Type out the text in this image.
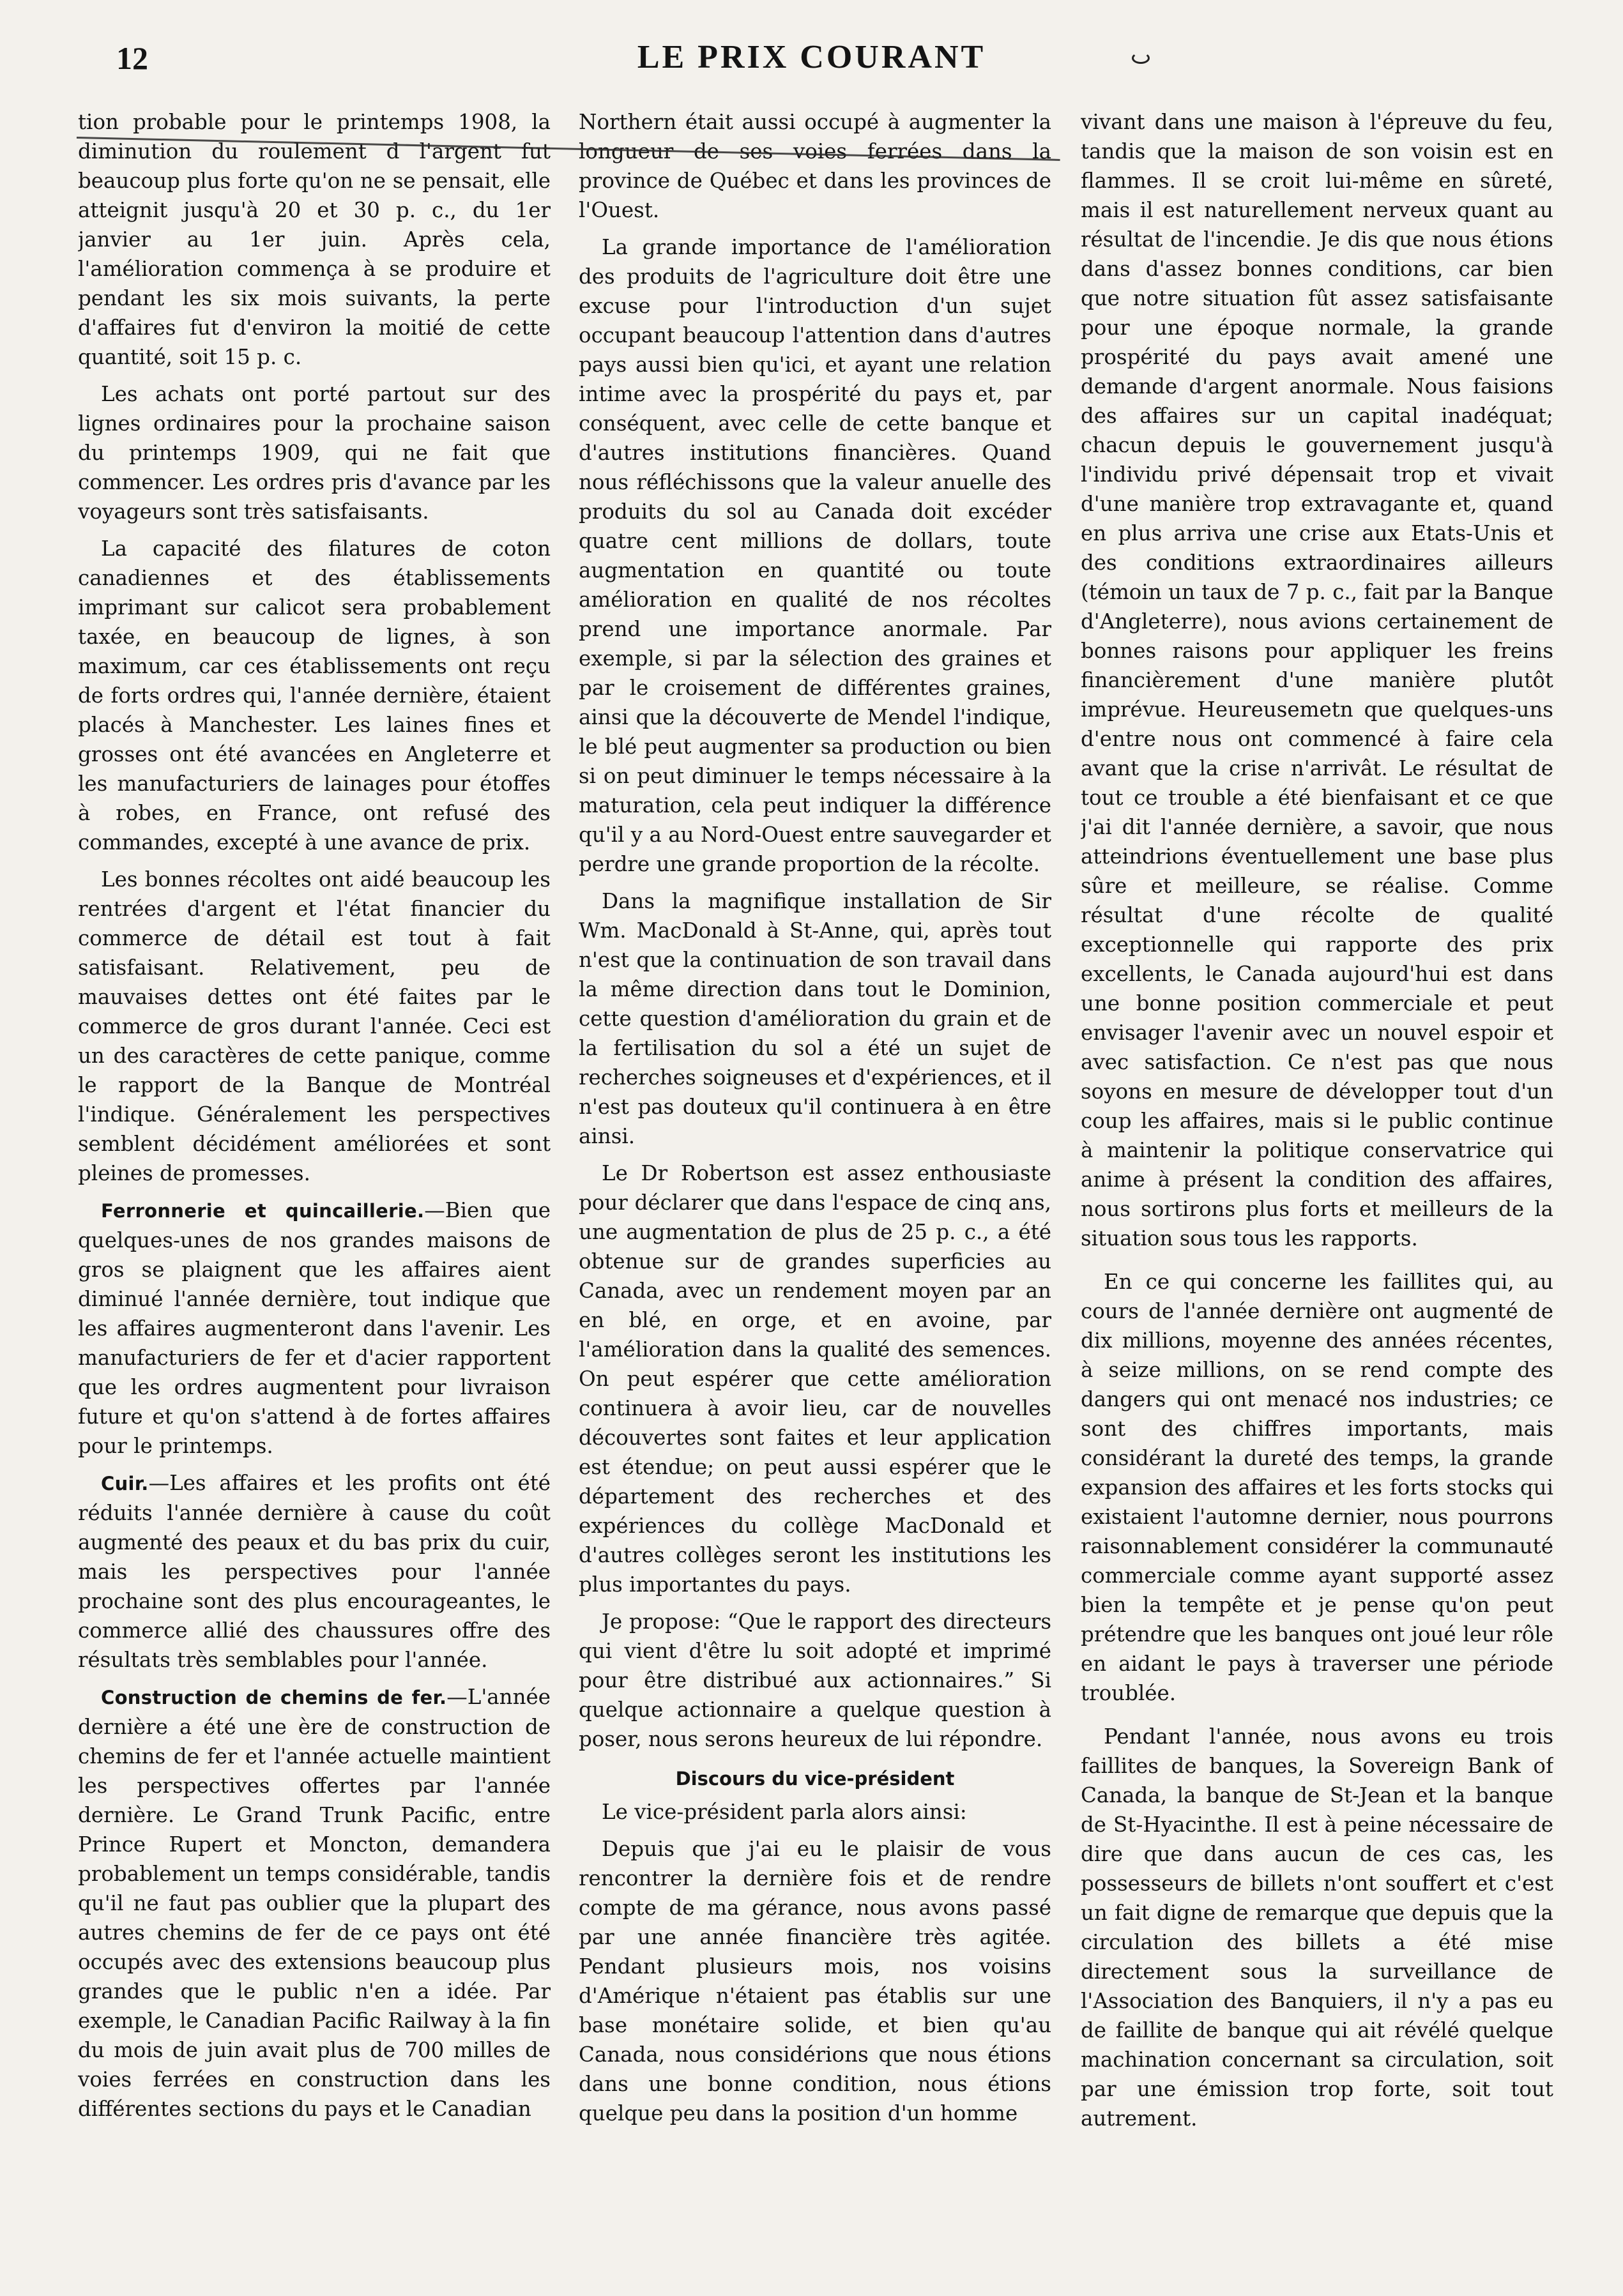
12	LE PRIX COURANT

tion probable pour le printemps 1908, la diminution du roulement d l'argent fut beaucoup plus forte qu'on ne se pensait, elle atteignit jusqu'à 20 et 30 p. c., du 1er janvier au 1er juin. Après cela, l'amélioration commença à se produire et pendant les six mois suivants, la perte d'affaires fut d'environ la moitié de cette quantité, soit 15 p. c.

Les achats ont porté partout sur des lignes ordinaires pour la prochaine saison du printemps 1909, qui ne fait que commencer. Les ordres pris d'avance par les voyageurs sont très satisfaisants.

La capacité des filatures de coton canadiennes et des établissements imprimant sur calicot sera probablement taxée, en beaucoup de lignes, à son maximum, car ces établissements ont reçu de forts ordres qui, l'année dernière, étaient placés à Manchester. Les laines fines et grosses ont été avancées en Angleterre et les manufacturiers de lainages pour étoffes à robes, en France, ont refusé des commandes, excepté à une avance de prix.

Les bonnes récoltes ont aidé beaucoup les rentrées d'argent et l'état financier du commerce de détail est tout à fait satisfaisant. Relativement, peu de mauvaises dettes ont été faites par le commerce de gros durant l'année. Ceci est un des caractères de cette panique, comme le rapport de la Banque de Montréal l'indique. Généralement les perspectives semblent décidément améliorées et sont pleines de promesses.

Ferronnerie et quincaillerie.—Bien que quelques-unes de nos grandes maisons de gros se plaignent que les affaires aient diminué l'année dernière, tout indique que les affaires augmenteront dans l'avenir. Les manufacturiers de fer et d'acier rapportent que les ordres augmentent pour livraison future et qu'on s'attend à de fortes affaires pour le printemps.

Cuir.—Les affaires et les profits ont été réduits l'année dernière à cause du coût augmenté des peaux et du bas prix du cuir, mais les perspectives pour l'année prochaine sont des plus encourageantes, le commerce allié des chaussures offre des résultats très semblables pour l'année.

Construction de chemins de fer.—L'année dernière a été une ère de construction de chemins de fer et l'année actuelle maintient les perspectives offertes par l'année dernière. Le Grand Trunk Pacific, entre Prince Rupert et Moncton, demandera probablement un temps considérable, tandis qu'il ne faut pas oublier que la plupart des autres chemins de fer de ce pays ont été occupés avec des extensions beaucoup plus grandes que le public n'en a idée. Par exemple, le Canadian Pacific Railway à la fin du mois de juin avait plus de 700 milles de voies ferrées en construction dans les différentes sections du pays et le Canadian

Northern était aussi occupé à augmenter la longueur de ses voies ferrées dans la province de Québec et dans les provinces de l'Ouest.

La grande importance de l'amélioration des produits de l'agriculture doit être une excuse pour l'introduction d'un sujet occupant beaucoup l'attention dans d'autres pays aussi bien qu'ici, et ayant une relation intime avec la prospérité du pays et, par conséquent, avec celle de cette banque et d'autres institutions financières. Quand nous réfléchissons que la valeur anuelle des produits du sol au Canada doit excéder quatre cent millions de dollars, toute augmentation en quantité ou toute amélioration en qualité de nos récoltes prend une importance anormale. Par exemple, si par la sélection des graines et par le croisement de différentes graines, ainsi que la découverte de Mendel l'indique, le blé peut augmenter sa production ou bien si on peut diminuer le temps nécessaire à la maturation, cela peut indiquer la différence qu'il y a au Nord-Ouest entre sauvegarder et perdre une grande proportion de la récolte.

Dans la magnifique installation de Sir Wm. MacDonald à St-Anne, qui, après tout n'est que la continuation de son travail dans la même direction dans tout le Dominion, cette question d'amélioration du grain et de la fertilisation du sol a été un sujet de recherches soigneuses et d'expériences, et il n'est pas douteux qu'il continuera à en être ainsi.

Le Dr Robertson est assez enthousiaste pour déclarer que dans l'espace de cinq ans, une augmentation de plus de 25 p. c., a été obtenue sur de grandes superficies au Canada, avec un rendement moyen par an en blé, en orge, et en avoine, par l'amélioration dans la qualité des semences. On peut espérer que cette amélioration continuera à avoir lieu, car de nouvelles découvertes sont faites et leur application est étendue; on peut aussi espérer que le département des recherches et des expériences du collège MacDonald et d'autres collèges seront les institutions les plus importantes du pays.

Je propose: “Que le rapport des directeurs qui vient d'être lu soit adopté et imprimé pour être distribué aux actionnaires.” Si quelque actionnaire a quelque question à poser, nous serons heureux de lui répondre.

Discours du vice-président

Le vice-président parla alors ainsi:

Depuis que j'ai eu le plaisir de vous rencontrer la dernière fois et de rendre compte de ma gérance, nous avons passé par une année financière très agitée. Pendant plusieurs mois, nos voisins d'Amérique n'étaient pas établis sur une base monétaire solide, et bien qu'au Canada, nous considérions que nous étions dans une bonne condition, nous étions quelque peu dans la position d'un homme

vivant dans une maison à l'épreuve du feu, tandis que la maison de son voisin est en flammes. Il se croit lui-même en sûreté, mais il est naturellement nerveux quant au résultat de l'incendie. Je dis que nous étions dans d'assez bonnes conditions, car bien que notre situation fût assez satisfaisante pour une époque normale, la grande prospérité du pays avait amené une demande d'argent anormale. Nous faisions des affaires sur un capital inadéquat; chacun depuis le gouvernement jusqu'à l'individu privé dépensait trop et vivait d'une manière trop extravagante et, quand en plus arriva une crise aux Etats-Unis et des conditions extraordinaires ailleurs (témoin un taux de 7 p. c., fait par la Banque d'Angleterre), nous avions certainement de bonnes raisons pour appliquer les freins financièrement d'une manière plutôt imprévue. Heureusemetn que quelques-uns d'entre nous ont commencé à faire cela avant que la crise n'arrivât. Le résultat de tout ce trouble a été bienfaisant et ce que j'ai dit l'année dernière, a savoir, que nous atteindrions éventuellement une base plus sûre et meilleure, se réalise. Comme résultat d'une récolte de qualité exceptionnelle qui rapporte des prix excellents, le Canada aujourd'hui est dans une bonne position commerciale et peut envisager l'avenir avec un nouvel espoir et avec satisfaction. Ce n'est pas que nous soyons en mesure de développer tout d'un coup les affaires, mais si le public continue à maintenir la politique conservatrice qui anime à présent la condition des affaires, nous sortirons plus forts et meilleurs de la situation sous tous les rapports.

En ce qui concerne les faillites qui, au cours de l'année dernière ont augmenté de dix millions, moyenne des années récentes, à seize millions, on se rend compte des dangers qui ont menacé nos industries; ce sont des chiffres importants, mais considérant la dureté des temps, la grande expansion des affaires et les forts stocks qui existaient l'automne dernier, nous pourrons raisonnablement considérer la communauté commerciale comme ayant supporté assez bien la tempête et je pense qu'on peut prétendre que les banques ont joué leur rôle en aidant le pays à traverser une période troublée.

Pendant l'année, nous avons eu trois faillites de banques, la Sovereign Bank of Canada, la banque de St-Jean et la banque de St-Hyacinthe. Il est à peine nécessaire de dire que dans aucun de ces cas, les possesseurs de billets n'ont souffert et c'est un fait digne de remarque que depuis que la circulation des billets a été mise directement sous la surveillance de l'Association des Banquiers, il n'y a pas eu de faillite de banque qui ait révélé quelque machination concernant sa circulation, soit par une émission trop forte, soit tout autrement.
